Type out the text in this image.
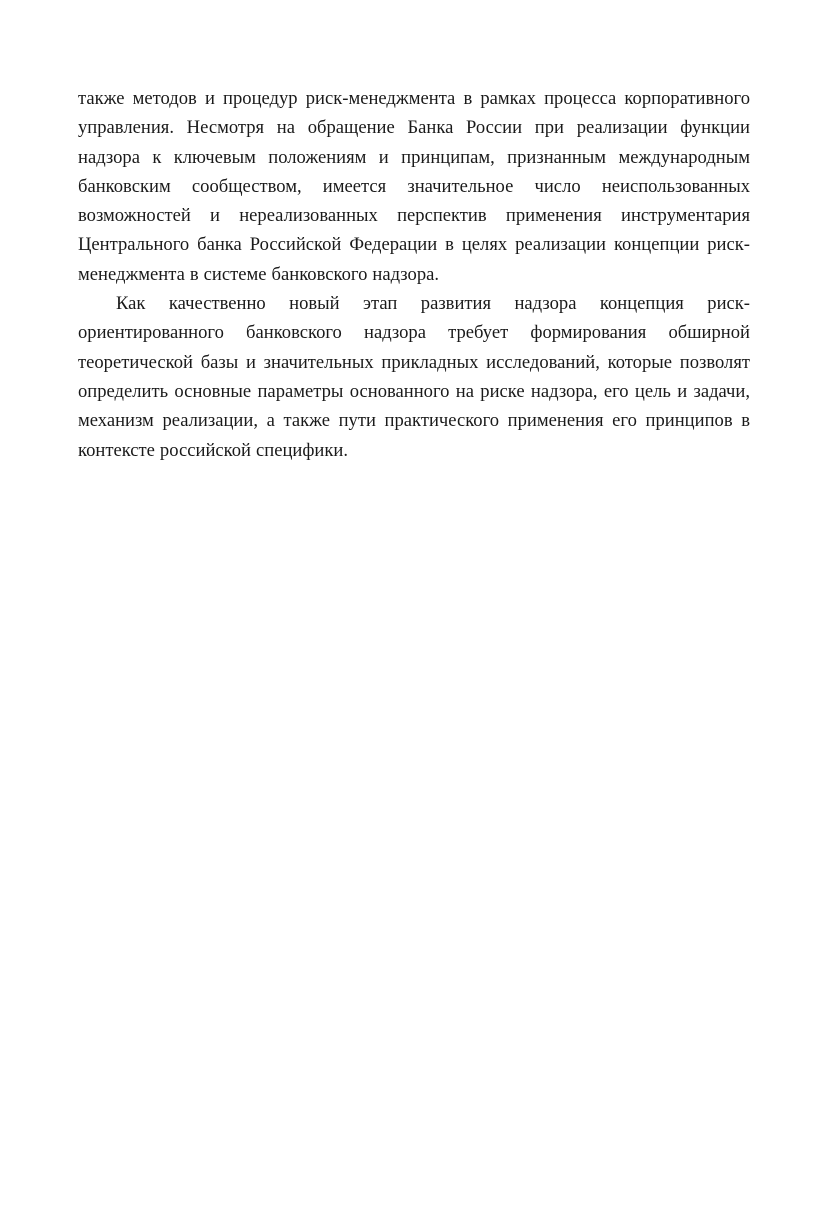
также методов и процедур риск-менеджмента в рамках процесса корпоративного управления. Несмотря на обращение Банка России при реализации функции надзора к ключевым положениям и принципам, признанным международным банковским сообществом, имеется значительное число неиспользованных возможностей и нереализованных перспектив применения инструментария Центрального банка Российской Федерации в целях реализации концепции риск-менеджмента в системе банковского надзора.

Как качественно новый этап развития надзора концепция риск-ориентированного банковского надзора требует формирования обширной теоретической базы и значительных прикладных исследований, которые позволят определить основные параметры основанного на риске надзора, его цель и задачи, механизм реализации, а также пути практического применения его принципов в контексте российской специфики.
